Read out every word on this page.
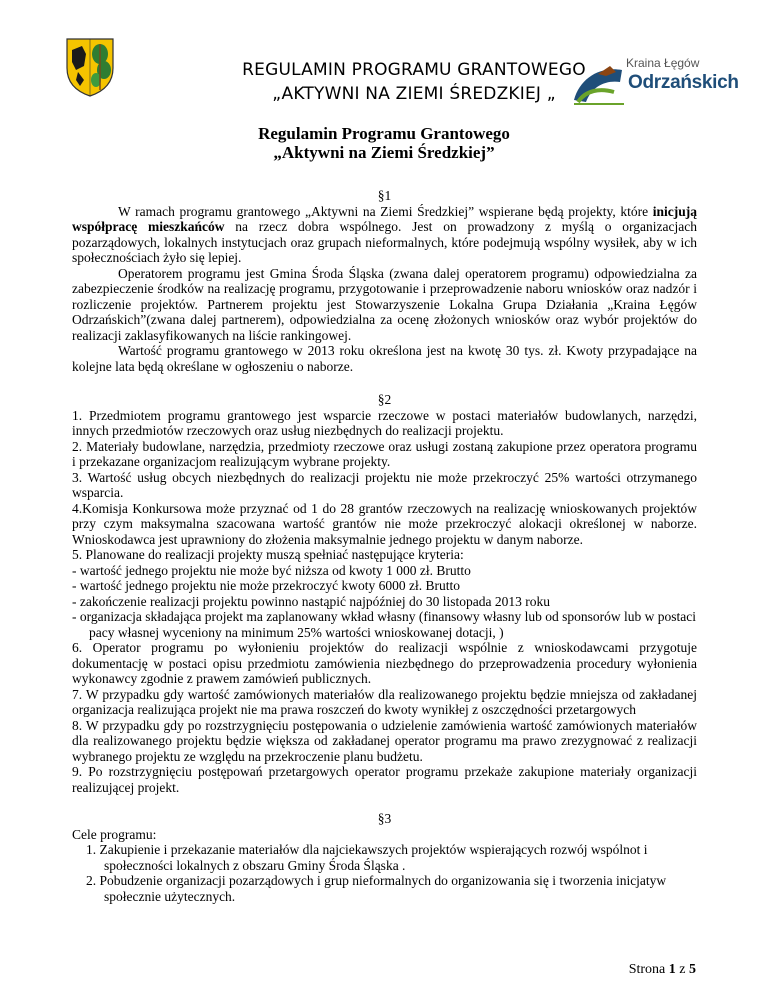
REGULAMIN PROGRAMU GRANTOWEGO
„AKTYWNI NA ZIEMI ŚREDZKIEJ „
Kraina Łęgów
Odrzańskich
Regulamin Programu Grantowego
„Aktywni na Ziemi Średzkiej”
§1

W ramach programu grantowego „Aktywni na Ziemi Średzkiej” wspierane będą projekty, które inicjują współpracę mieszkańców na rzecz dobra wspólnego. Jest on prowadzony z myślą o organizacjach pozarządowych, lokalnych instytucjach oraz grupach nieformalnych, które podejmują wspólny wysiłek, aby w ich społecznościach żyło się lepiej.

Operatorem programu jest Gmina Środa Śląska (zwana dalej operatorem programu) odpowiedzialna za zabezpieczenie środków na realizację programu, przygotowanie i przeprowadzenie naboru wniosków oraz nadzór i rozliczenie projektów. Partnerem projektu jest Stowarzyszenie Lokalna Grupa Działania „Kraina Łęgów Odrzańskich”(zwana dalej partnerem), odpowiedzialna za ocenę złożonych wniosków oraz wybór projektów do realizacji zaklasyfikowanych na liście rankingowej.

Wartość programu grantowego w 2013 roku określona jest na kwotę 30 tys. zł. Kwoty przypadające na kolejne lata będą określane w ogłoszeniu o naborze.

§2

1. Przedmiotem programu grantowego jest wsparcie rzeczowe w postaci materiałów budowlanych, narzędzi, innych przedmiotów rzeczowych oraz usług niezbędnych do realizacji projektu.

2. Materiały budowlane, narzędzia, przedmioty rzeczowe oraz usługi zostaną zakupione przez operatora programu i przekazane organizacjom realizującym wybrane projekty.

3. Wartość usług obcych niezbędnych do realizacji projektu nie może przekroczyć 25% wartości otrzymanego wsparcia.

4.Komisja Konkursowa może przyznać od 1 do 28 grantów rzeczowych na realizację wnioskowanych projektów przy czym maksymalna szacowana wartość grantów nie może przekroczyć alokacji określonej w naborze. Wnioskodawca jest uprawniony do złożenia maksymalnie jednego projektu w danym naborze.

5. Planowane do realizacji projekty muszą spełniać następujące kryteria:

- wartość jednego projektu nie może być niższa od kwoty 1 000 zł. Brutto

- wartość jednego projektu nie może przekroczyć kwoty 6000 zł. Brutto

- zakończenie realizacji projektu powinno nastąpić najpóźniej do 30 listopada 2013 roku

- organizacja składająca projekt ma zaplanowany wkład własny (finansowy własny lub od sponsorów lub w postaci pacy własnej wyceniony na minimum 25% wartości wnioskowanej dotacji, )

6. Operator programu po wyłonieniu projektów do realizacji wspólnie z wnioskodawcami przygotuje dokumentację w postaci opisu przedmiotu zamówienia niezbędnego do przeprowadzenia procedury wyłonienia wykonawcy zgodnie z prawem zamówień publicznych.

7. W przypadku gdy wartość zamówionych materiałów dla realizowanego projektu będzie mniejsza od zakładanej organizacja realizująca projekt nie ma prawa roszczeń do kwoty wynikłej z oszczędności przetargowych

8. W przypadku gdy po rozstrzygnięciu postępowania o udzielenie zamówienia wartość zamówionych materiałów dla realizowanego projektu będzie większa od zakładanej operator programu ma prawo zrezygnować z realizacji wybranego projektu ze względu na przekroczenie planu budżetu.

9. Po rozstrzygnięciu postępowań przetargowych operator programu przekaże zakupione materiały organizacji realizującej projekt.

§3

Cele programu:

1. Zakupienie i przekazanie materiałów dla najciekawszych projektów wspierających rozwój wspólnot i społeczności lokalnych z obszaru Gminy Środa Śląska .

2. Pobudzenie organizacji pozarządowych i grup nieformalnych do organizowania się i tworzenia inicjatyw społecznie użytecznych.

Strona 1 z 5
